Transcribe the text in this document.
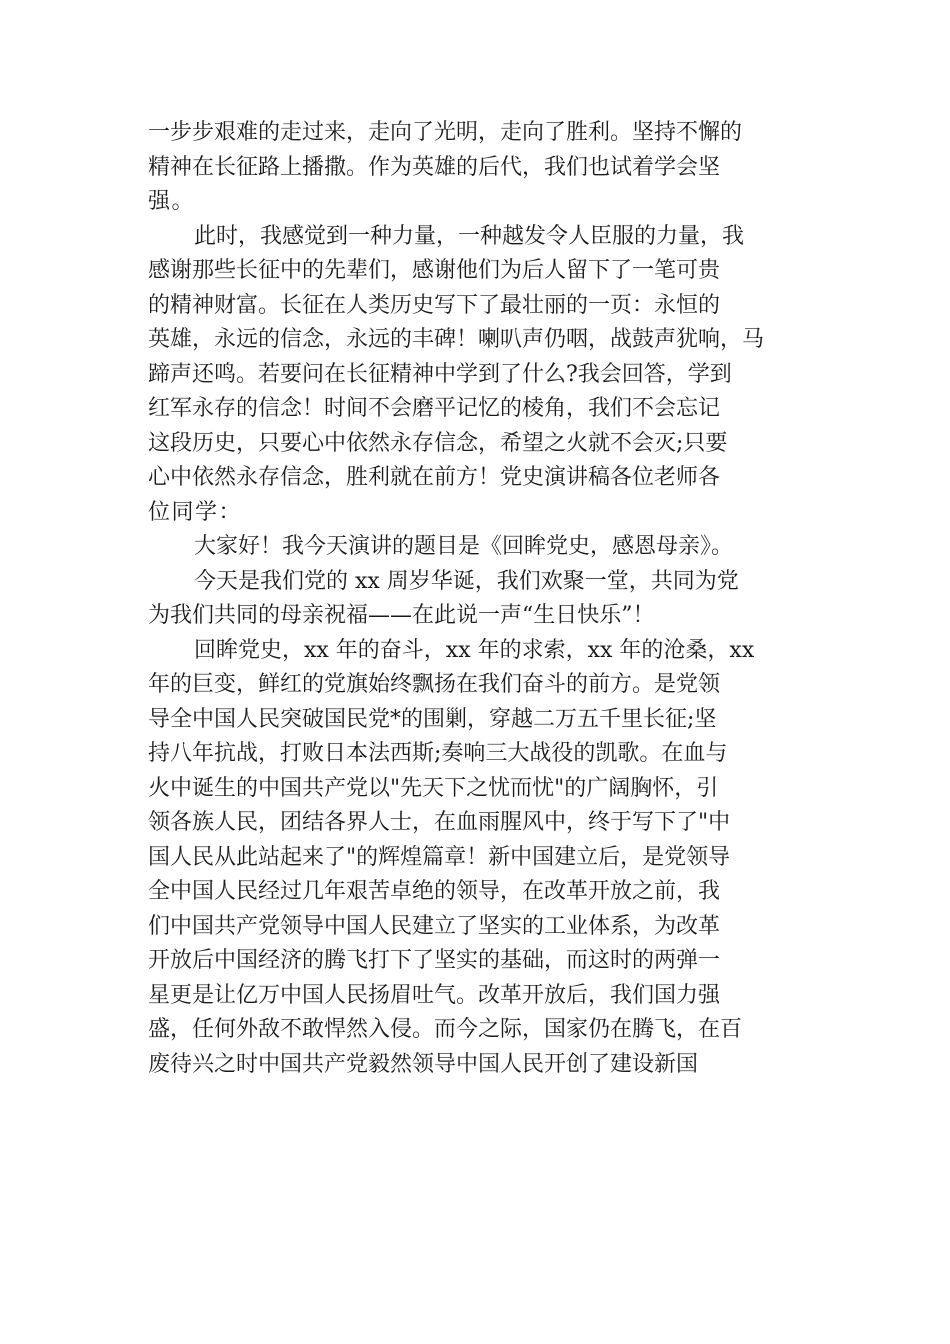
一步步艰难的走过来，走向了光明，走向了胜利。坚持不懈的
精神在长征路上播撒。作为英雄的后代，我们也试着学会坚
强。
此时，我感觉到一种力量，一种越发令人臣服的力量，我
感谢那些长征中的先辈们，感谢他们为后人留下了一笔可贵
的精神财富。长征在人类历史写下了最壮丽的一页：永恒的
英雄，永远的信念，永远的丰碑！喇叭声仍咽，战鼓声犹响，马
蹄声还鸣。若要问在长征精神中学到了什么?我会回答，学到
红军永存的信念！时间不会磨平记忆的棱角，我们不会忘记
这段历史，只要心中依然永存信念，希望之火就不会灭;只要
心中依然永存信念，胜利就在前方！党史演讲稿各位老师各
位同学：
大家好！我今天演讲的题目是《回眸党史，感恩母亲》。
今天是我们党的 xx 周岁华诞，我们欢聚一堂，共同为党
为我们共同的母亲祝福——在此说一声“生日快乐”！
回眸党史，xx 年的奋斗，xx 年的求索，xx 年的沧桑，xx
年的巨变，鲜红的党旗始终飘扬在我们奋斗的前方。是党领
导全中国人民突破国民党*的围剿，穿越二万五千里长征;坚
持八年抗战，打败日本法西斯;奏响三大战役的凯歌。在血与
火中诞生的中国共产党以"先天下之忧而忧"的广阔胸怀，引
领各族人民，团结各界人士，在血雨腥风中，终于写下了"中
国人民从此站起来了"的辉煌篇章！新中国建立后，是党领导
全中国人民经过几年艰苦卓绝的领导，在改革开放之前，我
们中国共产党领导中国人民建立了坚实的工业体系，为改革
开放后中国经济的腾飞打下了坚实的基础，而这时的两弹一
星更是让亿万中国人民扬眉吐气。改革开放后，我们国力强
盛，任何外敌不敢悍然入侵。而今之际，国家仍在腾飞，在百
废待兴之时中国共产党毅然领导中国人民开创了建设新国
